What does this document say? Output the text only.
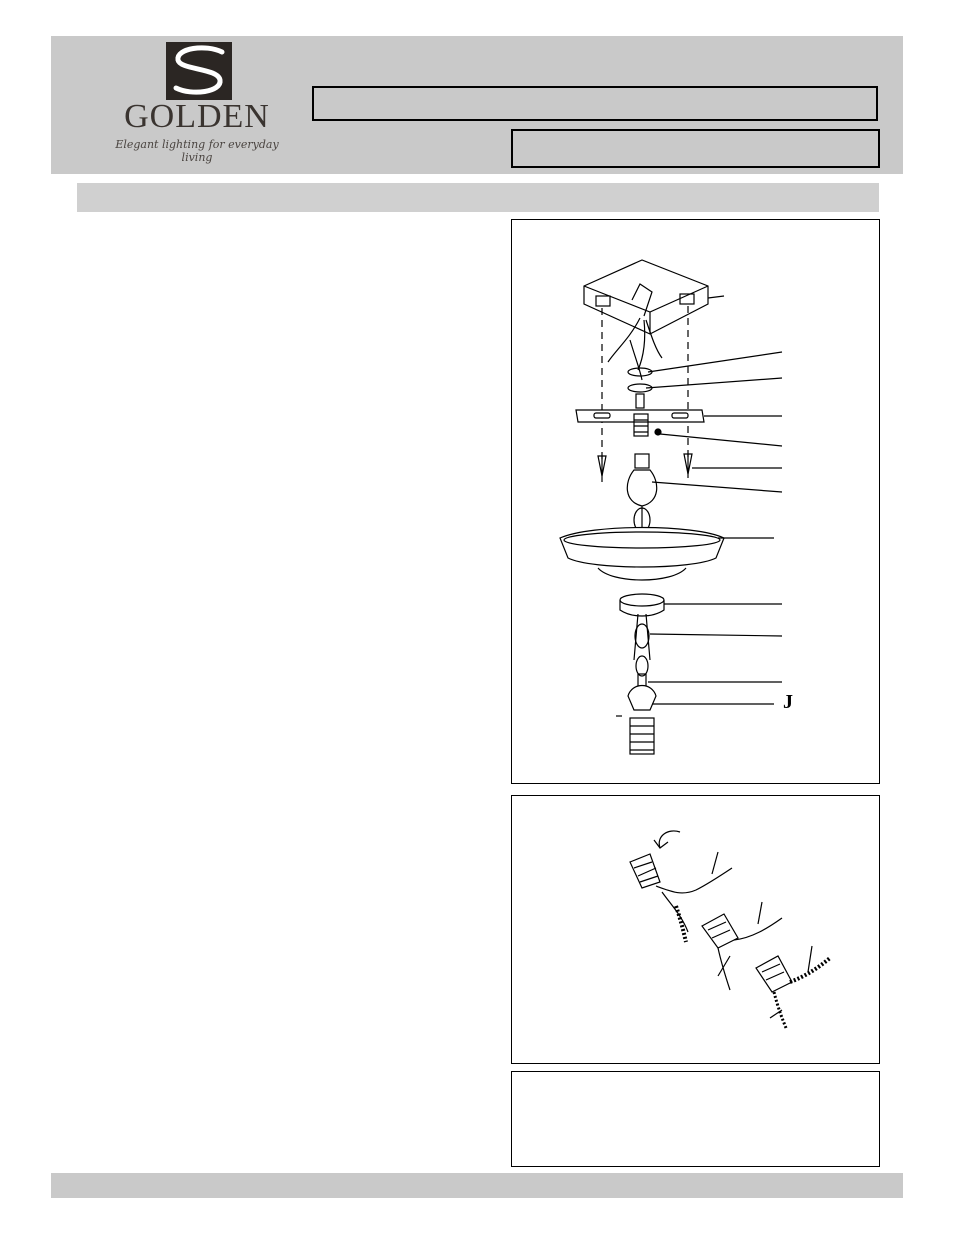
GOLDEN
Elegant lighting for everyday living
J
